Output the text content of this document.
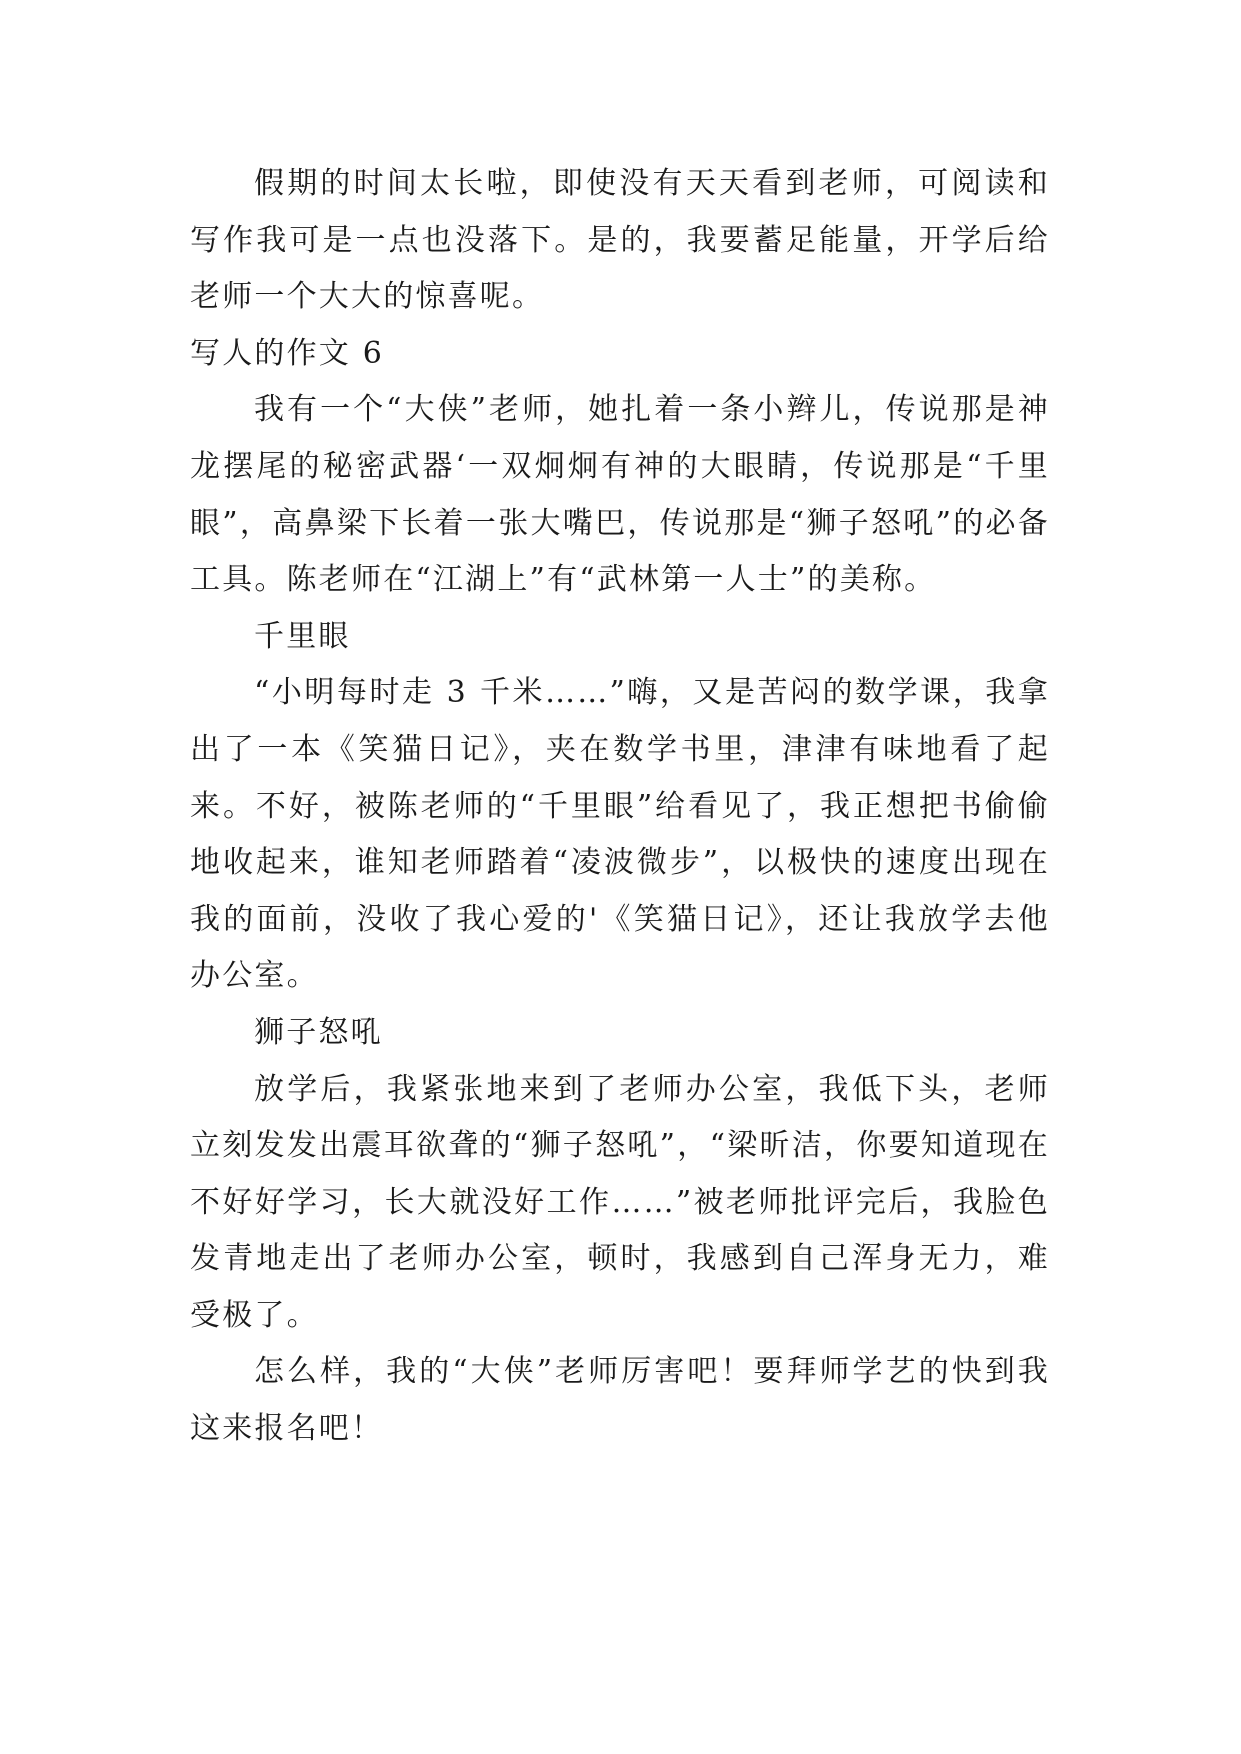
假期的时间太长啦，即使没有天天看到老师，可阅读和写作我可是一点也没落下。是的，我要蓄足能量，开学后给老师一个大大的惊喜呢。

写人的作文 6

我有一个“大侠”老师，她扎着一条小辫儿，传说那是神龙摆尾的秘密武器‘一双炯炯有神的大眼睛，传说那是“千里眼”，高鼻梁下长着一张大嘴巴，传说那是“狮子怒吼”的必备工具。陈老师在“江湖上”有“武林第一人士”的美称。

千里眼

“小明每时走 3 千米……”嗨，又是苦闷的数学课，我拿出了一本《笑猫日记》，夹在数学书里，津津有味地看了起来。不好，被陈老师的“千里眼”给看见了，我正想把书偷偷地收起来，谁知老师踏着“凌波微步”，以极快的速度出现在我的面前，没收了我心爱的'《笑猫日记》，还让我放学去他办公室。

狮子怒吼

放学后，我紧张地来到了老师办公室，我低下头，老师立刻发发出震耳欲聋的“狮子怒吼”，“梁昕洁，你要知道现在不好好学习，长大就没好工作……”被老师批评完后，我脸色发青地走出了老师办公室，顿时，我感到自己浑身无力，难受极了。

怎么样，我的“大侠”老师厉害吧！要拜师学艺的快到我这来报名吧！
